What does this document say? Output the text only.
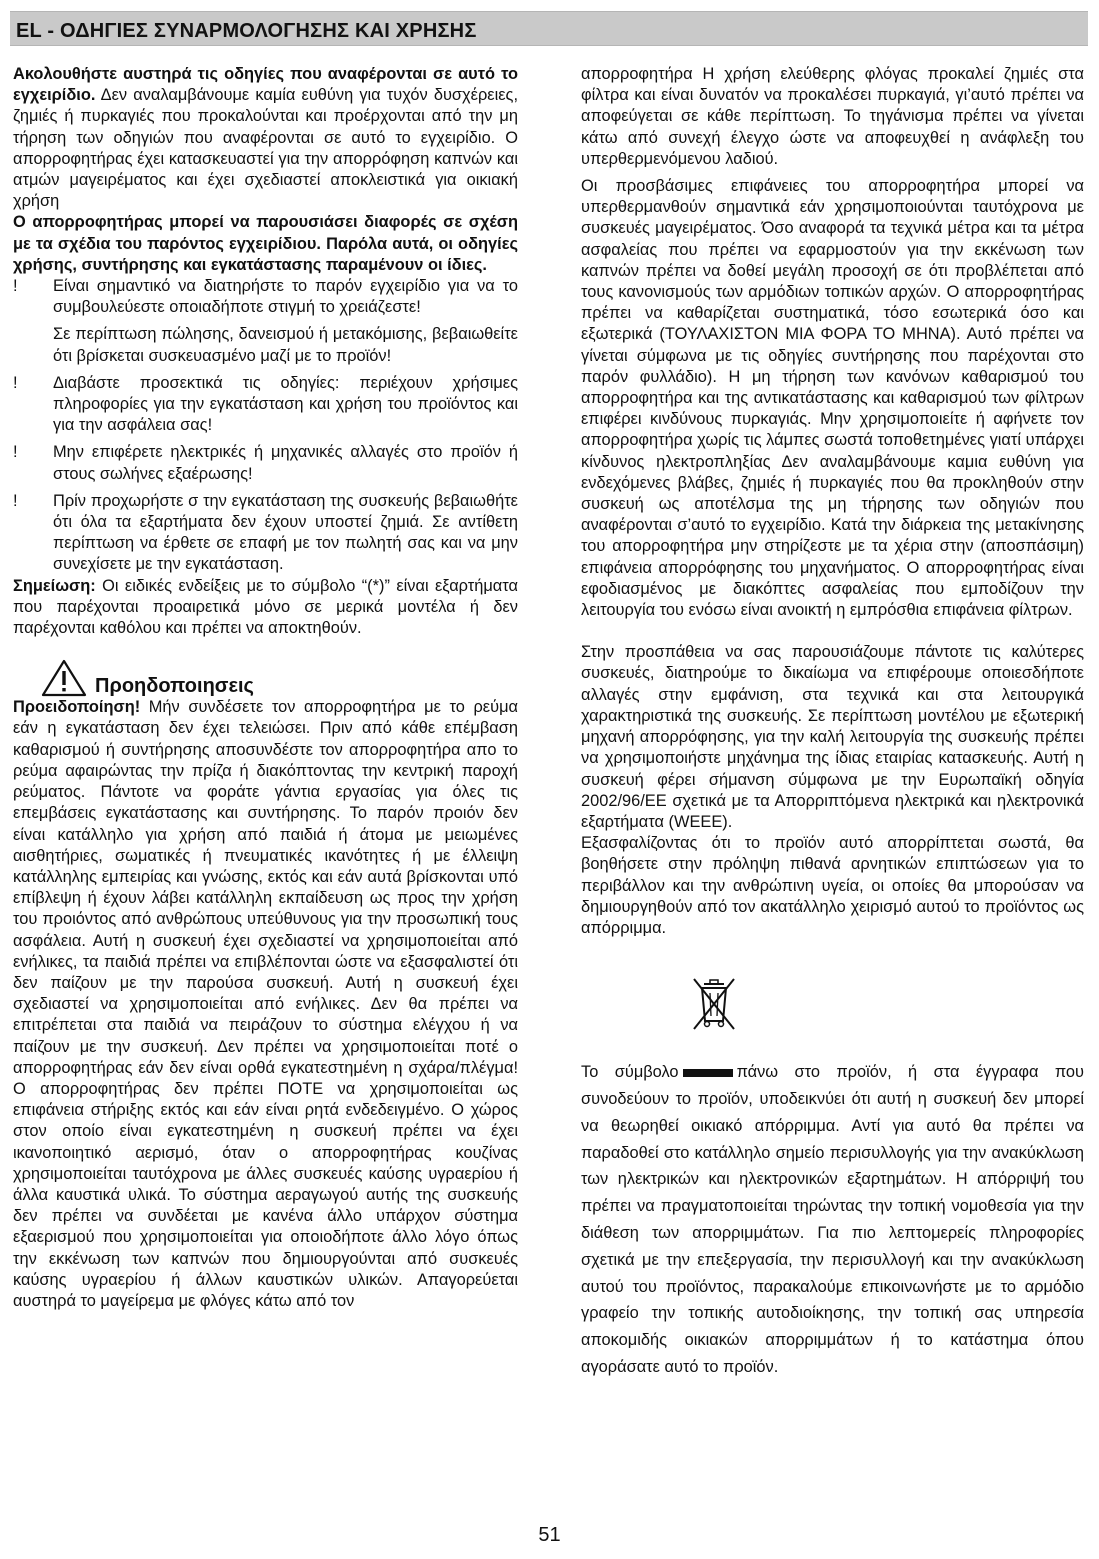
EL - ΟΔΗΓΙΕΣ ΣΥΝΑΡΜΟΛΟΓΗΣΗΣ ΚΑΙ ΧΡΗΣΗΣ

Ακολουθήστε αυστηρά τις οδηγίες που αναφέρονται σε αυτό το εγχειρίδιο. Δεν αναλαμβάνουμε καμία ευθύνη για τυχόν δυσχέρειες, ζημιές ή πυρκαγιές που προκαλούνται και προέρχονται από την μη τήρηση των οδηγιών που αναφέρονται σε αυτό το εγχειρίδιο. Ο απορροφητήρας έχει κατασκευαστεί για την απορρόφηση καπνών και ατμών μαγειρέματος και έχει σχεδιαστεί αποκλειστικά για οικιακή χρήση

Ο απορροφητήρας μπορεί να παρουσιάσει διαφορές σε σχέση με τα σχέδια του παρόντος εγχειρίδιου. Παρόλα αυτά, οι οδηγίες χρήσης, συντήρησης και εγκατάστασης παραμένουν οι ίδιες.

! Είναι σημαντικό να διατηρήστε το παρόν εγχειρίδιο για να το συμβουλεύεστε οποιαδήποτε στιγμή το χρειάζεστε!

Σε περίπτωση πώλησης, δανεισμού ή μετακόμισης, βεβαιωθείτε ότι βρίσκεται συσκευασμένο μαζί με το προϊόν!

! Διαβάστε προσεκτικά τις οδηγίες: περιέχουν χρήσιμες πληροφορίες για την εγκατάσταση και χρήση του προϊόντος και για την ασφάλεια σας!
! Μην επιφέρετε ηλεκτρικές ή μηχανικές αλλαγές στο προϊόν ή στους σωλήνες εξαέρωσης!
! Πρίν προχωρήστε σ την εγκατάσταση της συσκευής βεβαιωθήτε ότι όλα τα εξαρτήματα δεν έχουν υποστεί ζημιά. Σε αντίθετη περίπτωση να έρθετε σε επαφή με τον πωλητή σας και να μην συνεχίσετε με την εγκατάσταση.

Σημείωση: Οι ειδικές ενδείξεις με το σύμβολο “(*)” είναι εξαρτήματα που παρέχονται προαιρετικά μόνο σε μερικά μοντέλα ή δεν παρέχονται καθόλου και πρέπει να αποκτηθούν.

Προηδοποιησεις

Προειδοποίηση! Μήν συνδέσετε τον απορροφητήρα με το ρεύμα εάν η εγκατάσταση δεν έχει τελειώσει. Πριν από κάθε επέμβαση καθαρισμού ή συντήρησης αποσυνδέστε τον απορροφητήρα απο το ρεύμα αφαιρώντας την πρίζα ή διακόπτοντας την κεντρική παροχή ρεύματος. Πάντοτε να φοράτε γάντια εργασίας για όλες τις επεμβάσεις εγκατάστασης και συντήρησης. Το παρόν προιόν δεν είναι κατάλληλο για χρήση από παιδιά ή άτομα με μειωμένες αισθητήριες, σωματικές ή πνευματικές ικανότητες ή με έλλειψη κατάλληλης εμπειρίας και γνώσης, εκτός και εάν αυτά βρίσκονται υπό επίβλεψη ή έχουν λάβει κατάλληλη εκπαίδευση ως προς την χρήση του προιόντος από ανθρώπους υπεύθυνους για την προσωπική τους ασφάλεια. Αυτή η συσκευή έχει σχεδιαστεί να χρησιμοποιείται από ενήλικες, τα παιδιά πρέπει να επιβλέπονται ώστε να εξασφαλιστεί ότι δεν παίζουν με την παρούσα συσκευή. Αυτή η συσκευή έχει σχεδιαστεί να χρησιμοποιείται από ενήλικες. Δεν θα πρέπει να επιτρέπεται στα παιδιά να πειράζουν το σύστημα ελέγχου ή να παίζουν με την συσκευή. Δεν πρέπει να χρησιμοποιείται ποτέ ο απορροφητήρας εάν δεν είναι ορθά εγκατεστημένη η σχάρα/πλέγμα! Ο απορροφητήρας δεν πρέπει ΠΟΤΕ να χρησιμοποιείται ως επιφάνεια στήριξης εκτός και εάν είναι ρητά ενδεδειγμένο. Ο χώρος στον οποίο είναι εγκατεστημένη η συσκευή πρέπει να έχει ικανοποιητικό αερισμό, όταν ο απορροφητήρας κουζίνας χρησιμοποιείται ταυτόχρονα με άλλες συσκευές καύσης υγραερίου ή άλλα καυστικά υλικά. Το σύστημα αεραγωγού αυτής της συσκευής δεν πρέπει να συνδέεται με κανένα άλλο υπάρχον σύστημα εξαερισμού που χρησιμοποιείται για οποιοδήποτε άλλο λόγο όπως την εκκένωση των καπνών που δημιουργούνται από συσκευές καύσης υγραερίου ή άλλων καυστικών υλικών. Απαγορεύεται αυστηρά το μαγείρεμα με φλόγες κάτω από τον

απορροφητήρα Η χρήση ελεύθερης φλόγας προκαλεί ζημιές στα φίλτρα και είναι δυνατόν να προκαλέσει πυρκαγιά, γι’αυτό πρέπει να αποφεύγεται σε κάθε περίπτωση. Το τηγάνισμα πρέπει να γίνεται κάτω από συνεχή έλεγχο ώστε να αποφευχθεί η ανάφλεξη του υπερθερμενόμενου λαδιού.

Οι προσβάσιμες επιφάνειες του απορροφητήρα μπορεί να υπερθερμανθούν σημαντικά εάν χρησιμοποιούνται ταυτόχρονα με συσκευές μαγειρέματος. Όσο αναφορά τα τεχνικά μέτρα και τα μέτρα ασφαλείας που πρέπει να εφαρμοστούν για την εκκένωση των καπνών πρέπει να δοθεί μεγάλη προσοχή σε ότι προβλέπεται από τους κανονισμούς των αρμόδιων τοπικών αρχών. Ο απορροφητήρας πρέπει να καθαρίζεται συστηματικά, τόσο εσωτερικά όσο και εξωτερικά (ΤΟΥΛΑΧΙΣΤΟΝ ΜΙΑ ΦΟΡΑ ΤΟ ΜΗΝΑ). Αυτό πρέπει να γίνεται σύμφωνα με τις οδηγίες συντήρησης που παρέχονται στο παρόν φυλλάδιο). Η μη τήρηση των κανόνων καθαρισμού του απορροφητήρα και της αντικατάστασης και καθαρισμού των φίλτρων επιφέρει κινδύνους πυρκαγιάς. Μην χρησιμοποιείτε ή αφήνετε τον απορροφητήρα χωρίς τις λάμπες σωστά τοποθετημένες γιατί υπάρχει κίνδυνος ηλεκτροπληξίας Δεν αναλαμβάνουμε καμια ευθύνη για ενδεχόμενες βλάβες, ζημιές ή πυρκαγιές που θα προκληθούν στην συσκευή ως αποτέλσμα της μη τήρησης των οδηγιών που αναφέρονται σ’αυτό το εγχειρίδιο. Κατά την διάρκεια της μετακίνησης του απορροφητήρα μην στηρίζεστε με τα χέρια στην (αποσπάσιμη) επιφάνεια απορρόφησης του μηχανήματος. Ο απορροφητήρας είναι εφοδιασμένος με διακόπτες ασφαλείας που εμποδίζουν την λειτουργία του ενόσω είναι ανοικτή η εμπρόσθια επιφάνεια φίλτρων.

Στην προσπάθεια να σας παρουσιάζουμε πάντοτε τις καλύτερες συσκευές, διατηρούμε το δικαίωμα να επιφέρουμε οποιεσδήποτε αλλαγές στην εμφάνιση, στα τεχνικά και στα λειτουργικά χαρακτηριστικά της συσκευής. Σε περίπτωση μοντέλου με εξωτερική μηχανή απορρόφησης, για την καλή λειτουργία της συσκευής πρέπει να χρησιμοποιήστε μηχάνημα της ίδιας εταιρίας κατασκευής. Αυτή η συσκευή φέρει σήμανση σύμφωνα με την Ευρωπαϊκή οδηγία 2002/96/ΕΕ σχετικά με τα Απορριπτόμενα ηλεκτρικά και ηλεκτρονικά εξαρτήματα (WEEE).

Εξασφαλίζοντας ότι το προϊόν αυτό απορρίπτεται σωστά, θα βοηθήσετε στην πρόληψη πιθανά αρνητικών επιπτώσεων για το περιβάλλον και την ανθρώπινη υγεία, οι οποίες θα μπορούσαν να δημιουργηθούν από τον ακατάλληλο χειρισμό αυτού το προϊόντος ως απόρριμμα.

Το σύμβολο	πάνω στο προϊόν, ή στα έγγραφα που συνοδεύουν το προϊόν, υποδεικνύει ότι αυτή η συσκευή δεν μπορεί να θεωρηθεί οικιακό απόρριμμα. Αντί για αυτό θα πρέπει να παραδοθεί στο κατάλληλο σημείο περισυλλογής για την ανακύκλωση των ηλεκτρικών και ηλεκτρονικών εξαρτημάτων. Η απόρριψή του πρέπει να πραγματοποιείται τηρώντας την τοπική νομοθεσία για την διάθεση των απορριμμάτων. Για πιο λεπτομερείς πληροφορίες σχετικά με την επεξεργασία, την περισυλλογή και την ανακύκλωση αυτού του προϊόντος, παρακαλούμε επικοινωνήστε με το αρμόδιο γραφείο την τοπικής αυτοδιοίκησης, την τοπική σας υπηρεσία αποκομιδής οικιακών απορριμμάτων ή το κατάστημα όπου αγοράσατε αυτό το προϊόν.

51
